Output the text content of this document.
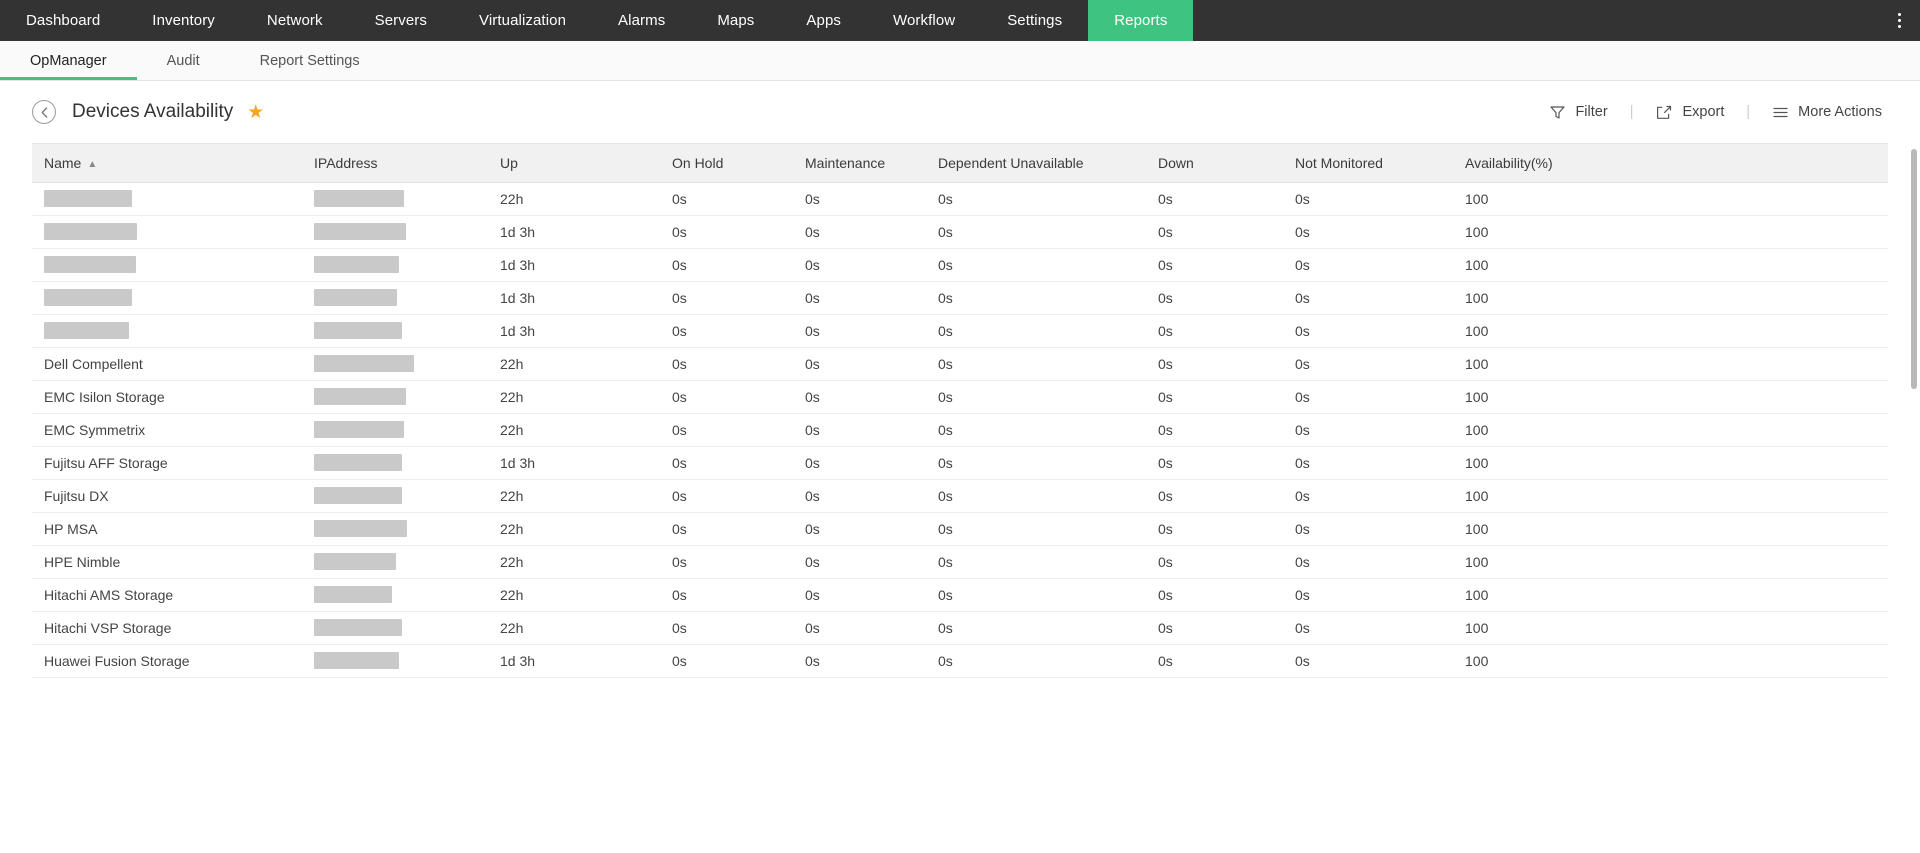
Dashboard	Inventory	Network	Servers	Virtualization	Alarms	Maps	Apps	Workflow	Settings	Reports
OpManager	Audit	Report Settings
Devices Availability ★	Filter	|	Export	|	More Actions
Name ▲	IPAddress	Up	On Hold	Maintenance	Dependent Unavailable	Down	Not Monitored	Availability(%)
		22h	0s	0s	0s	0s	0s	100
		1d 3h	0s	0s	0s	0s	0s	100
		1d 3h	0s	0s	0s	0s	0s	100
		1d 3h	0s	0s	0s	0s	0s	100
		1d 3h	0s	0s	0s	0s	0s	100
Dell Compellent		22h	0s	0s	0s	0s	0s	100
EMC Isilon Storage		22h	0s	0s	0s	0s	0s	100
EMC Symmetrix		22h	0s	0s	0s	0s	0s	100
Fujitsu AFF Storage		1d 3h	0s	0s	0s	0s	0s	100
Fujitsu DX		22h	0s	0s	0s	0s	0s	100
HP MSA		22h	0s	0s	0s	0s	0s	100
HPE Nimble		22h	0s	0s	0s	0s	0s	100
Hitachi AMS Storage		22h	0s	0s	0s	0s	0s	100
Hitachi VSP Storage		22h	0s	0s	0s	0s	0s	100
Huawei Fusion Storage		1d 3h	0s	0s	0s	0s	0s	100
